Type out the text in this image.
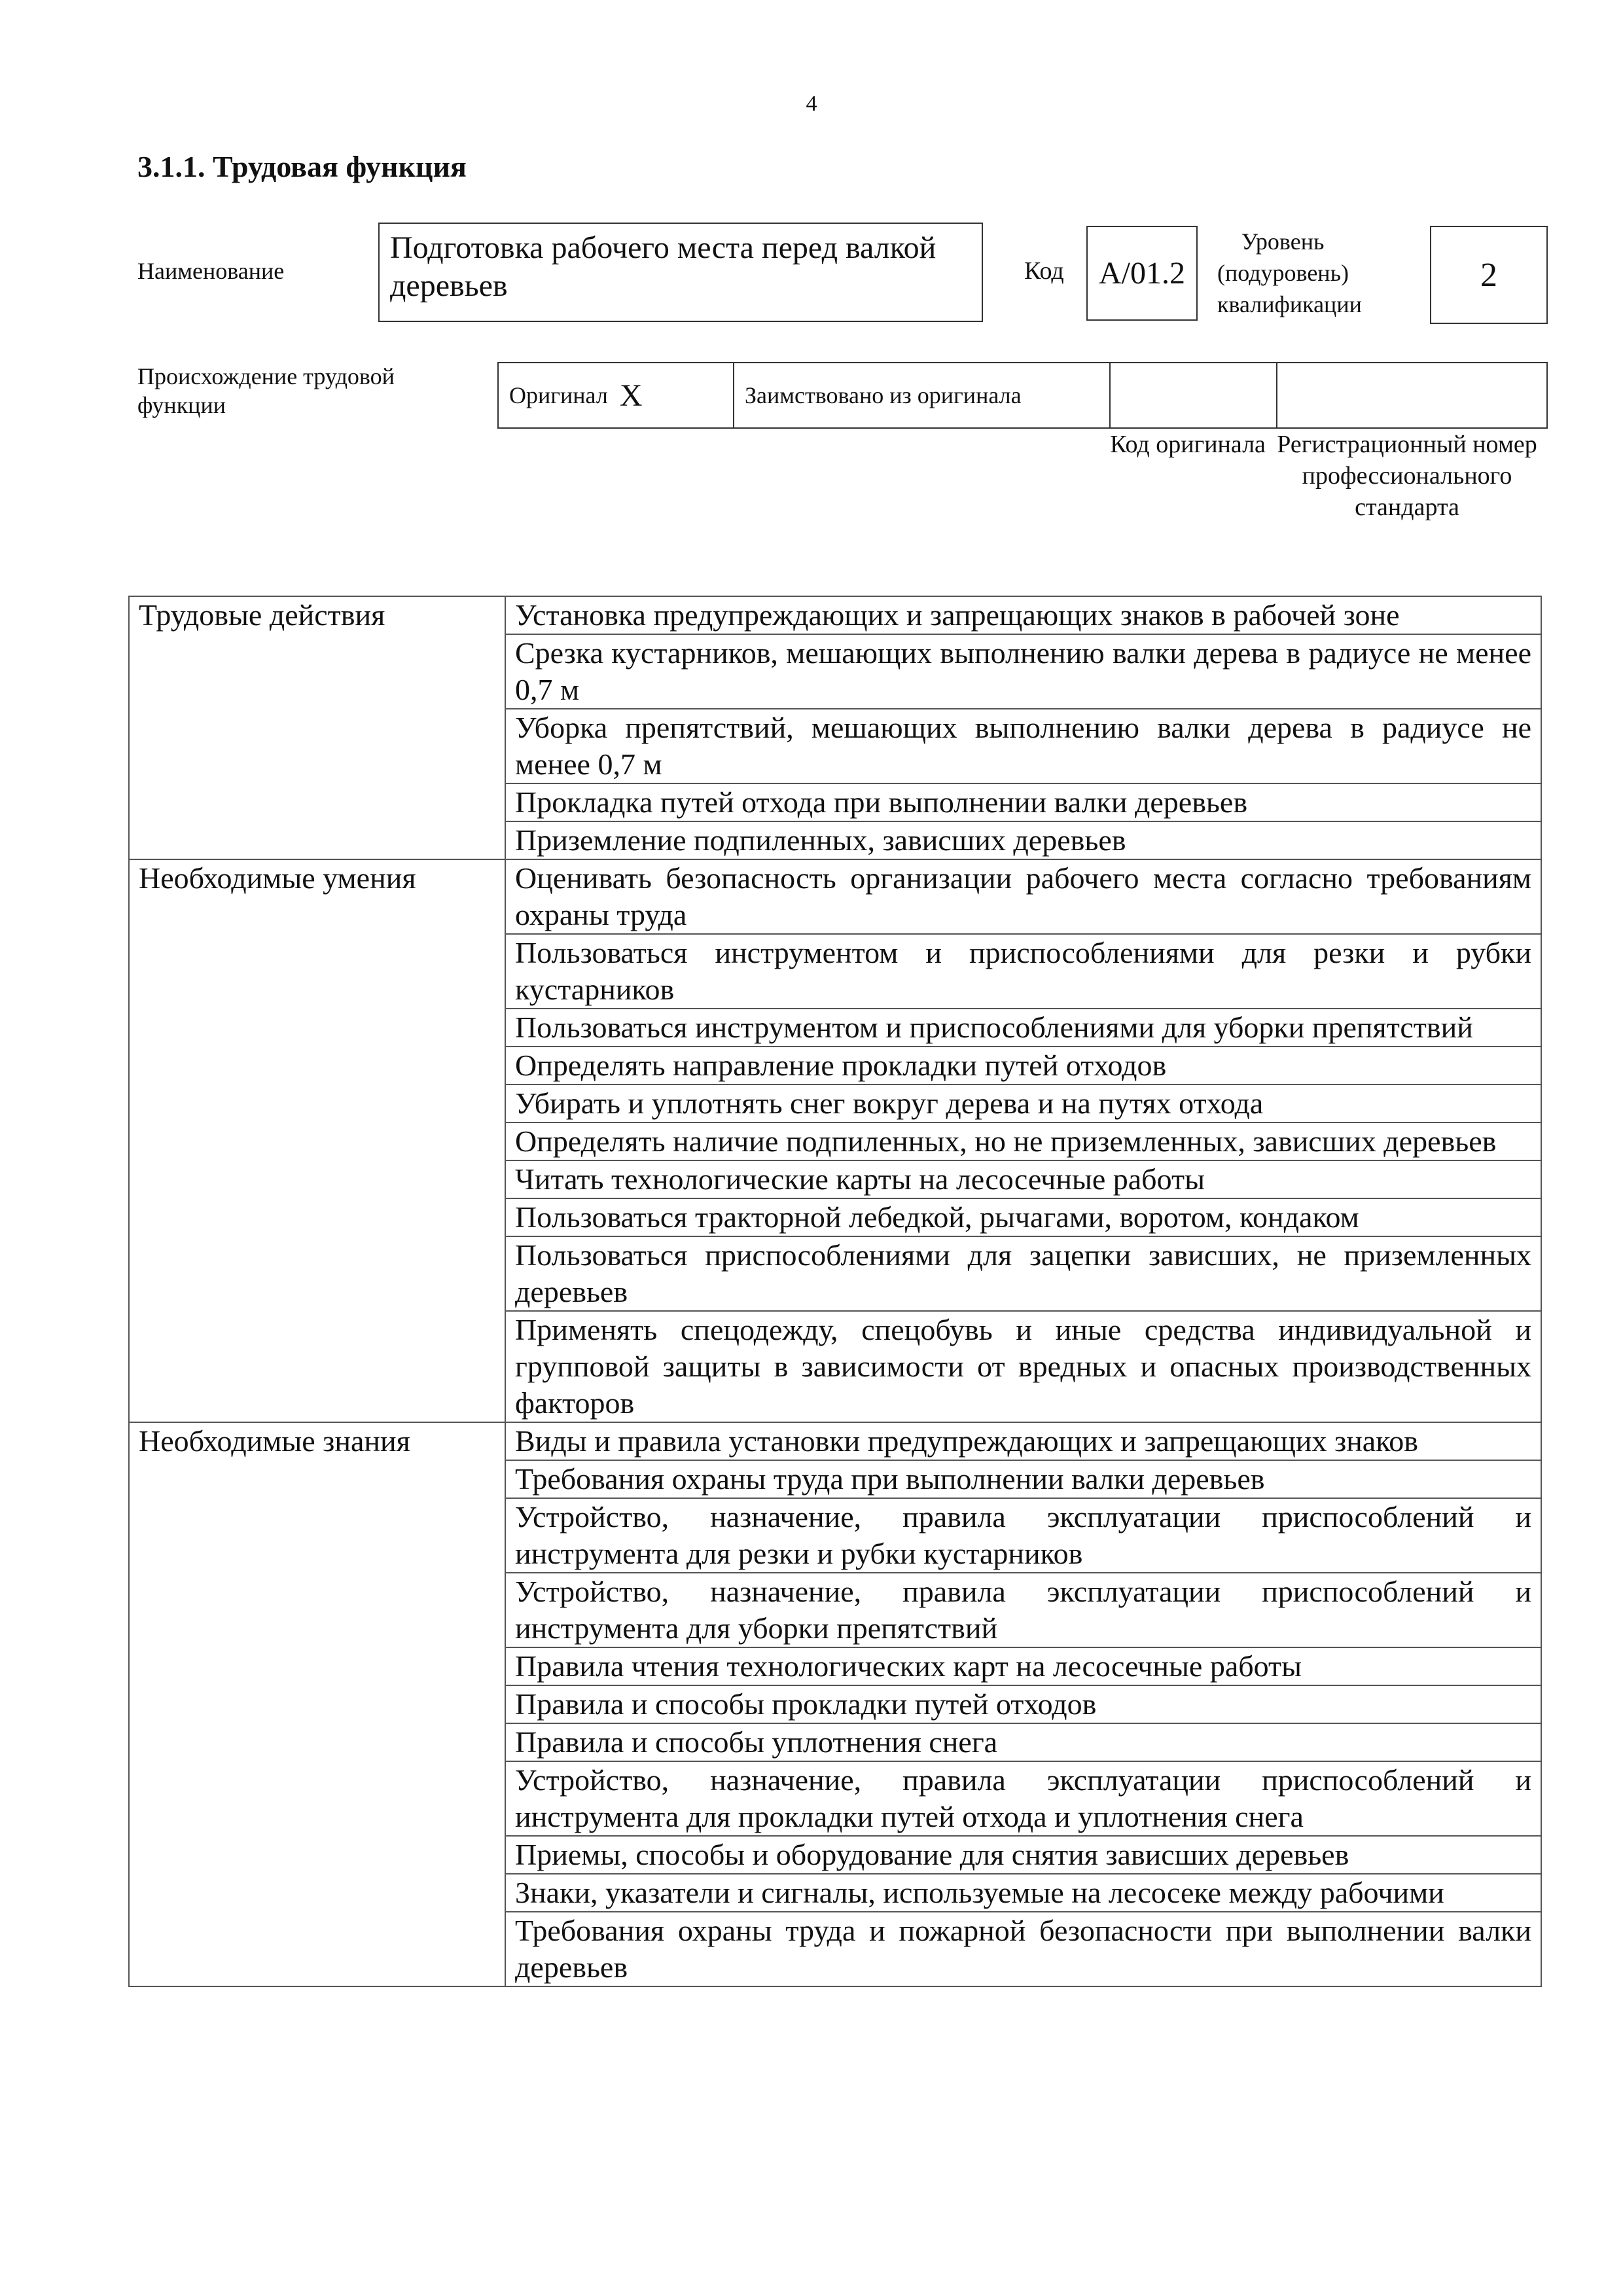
4
3.1.1. Трудовая функция
Наименование
Подготовка рабочего места перед валкой деревьев	Код	А/01.2
Уровень
(подуровень)
квалификации
2
Происхождение трудовой функции	Оригинал X	Заимствовано из оригинала
Код оригинала Регистрационный номер профессионального стандарта
Трудовые действия	Установка предупреждающих и запрещающих знаков в рабочей зоне
	Срезка кустарников, мешающих выполнению валки дерева в радиусе не менее 0,7 м
	Уборка препятствий, мешающих выполнению валки дерева в радиусе не менее 0,7 м
	Прокладка путей отхода при выполнении валки деревьев
	Приземление подпиленных, зависших деревьев
Необходимые умения	Оценивать безопасность организации рабочего места согласно требованиям охраны труда
	Пользоваться инструментом и приспособлениями для резки и рубки кустарников
	Пользоваться инструментом и приспособлениями для уборки препятствий
	Определять направление прокладки путей отходов
	Убирать и уплотнять снег вокруг дерева и на путях отхода
	Определять наличие подпиленных, но не приземленных, зависших деревьев
	Читать технологические карты на лесосечные работы
	Пользоваться тракторной лебедкой, рычагами, воротом, кондаком
	Пользоваться приспособлениями для зацепки зависших, не приземленных деревьев
	Применять спецодежду, спецобувь и иные средства индивидуальной и групповой защиты в зависимости от вредных и опасных производственных факторов
Необходимые знания	Виды и правила установки предупреждающих и запрещающих знаков
	Требования охраны труда при выполнении валки деревьев
	Устройство, назначение, правила эксплуатации приспособлений и инструмента для резки и рубки кустарников
	Устройство, назначение, правила эксплуатации приспособлений и инструмента для уборки препятствий
	Правила чтения технологических карт на лесосечные работы
	Правила и способы прокладки путей отходов
	Правила и способы уплотнения снега
	Устройство, назначение, правила эксплуатации приспособлений и инструмента для прокладки путей отхода и уплотнения снега
	Приемы, способы и оборудование для снятия зависших деревьев
	Знаки, указатели и сигналы, используемые на лесосеке между рабочими
	Требования охраны труда и пожарной безопасности при выполнении валки деревьев
